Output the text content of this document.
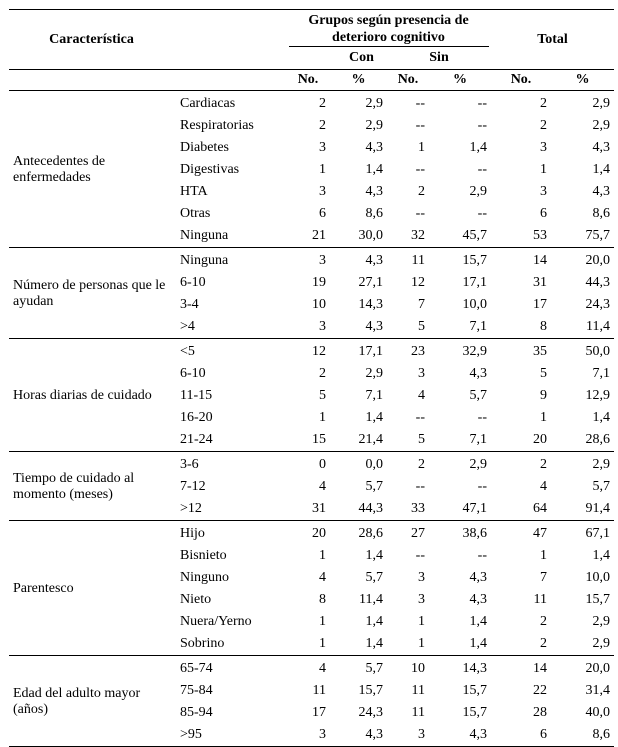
Característica		Grupos según presencia de deterioro cognitivo				Total	
		Con		Sin			
		No.	%	No.	%	No.	%
Antecedentes de enfermedades	Cardiacas	2	2,9	--	--	2	2,9
	Respiratorias	2	2,9	--	--	2	2,9
	Diabetes	3	4,3	1	1,4	3	4,3
	Digestivas	1	1,4	--	--	1	1,4
	HTA	3	4,3	2	2,9	3	4,3
	Otras	6	8,6	--	--	6	8,6
	Ninguna	21	30,0	32	45,7	53	75,7
Número de personas que le ayudan	Ninguna	3	4,3	11	15,7	14	20,0
	6-10	19	27,1	12	17,1	31	44,3
	3-4	10	14,3	7	10,0	17	24,3
	>4	3	4,3	5	7,1	8	11,4
Horas diarias de cuidado	<5	12	17,1	23	32,9	35	50,0
	6-10	2	2,9	3	4,3	5	7,1
	11-15	5	7,1	4	5,7	9	12,9
	16-20	1	1,4	--	--	1	1,4
	21-24	15	21,4	5	7,1	20	28,6
Tiempo de cuidado al momento (meses)	3-6	0	0,0	2	2,9	2	2,9
	7-12	4	5,7	--	--	4	5,7
	>12	31	44,3	33	47,1	64	91,4
Parentesco	Hijo	20	28,6	27	38,6	47	67,1
	Bisnieto	1	1,4	--	--	1	1,4
	Ninguno	4	5,7	3	4,3	7	10,0
	Nieto	8	11,4	3	4,3	11	15,7
	Nuera/Yerno	1	1,4	1	1,4	2	2,9
	Sobrino	1	1,4	1	1,4	2	2,9
Edad del adulto mayor (años)	65-74	4	5,7	10	14,3	14	20,0
	75-84	11	15,7	11	15,7	22	31,4
	85-94	17	24,3	11	15,7	28	40,0
	>95	3	4,3	3	4,3	6	8,6
